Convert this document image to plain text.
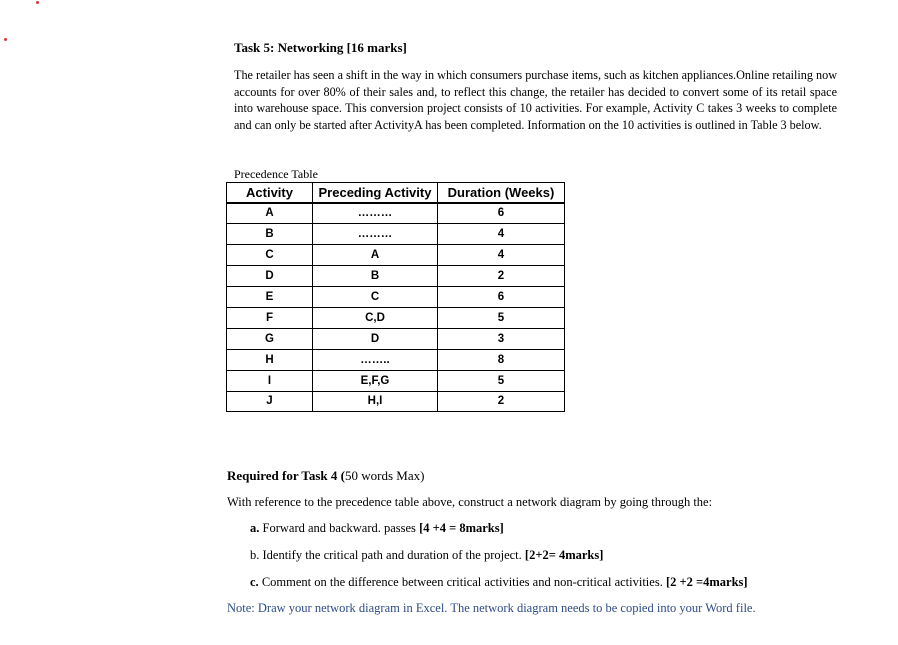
Task 5: Networking [16 marks]
The retailer has seen a shift in the way in which consumers purchase items, such as kitchen appliances.Online retailing now accounts for over 80% of their sales and, to reflect this change, the retailer has decided to convert some of its retail space into warehouse space. This conversion project consists of 10 activities. For example, Activity C takes 3 weeks to complete and can only be started after ActivityA has been completed. Information on the 10 activities is outlined in Table 3 below.
Precedence Table
Activity	Preceding Activity	Duration (Weeks)
A	………	6
B	………	4
C	A	4
D	B	2
E	C	6
F	C,D	5
G	D	3
H	……..	8
I	E,F,G	5
J	H,I	2
Required for Task 4 (50 words Max)
With reference to the precedence table above, construct a network diagram by going through the:
a. Forward and backward. passes [4 +4 = 8marks]
b. Identify the critical path and duration of the project. [2+2= 4marks]
c. Comment on the difference between critical activities and non-critical activities. [2 +2 =4marks]
Note: Draw your network diagram in Excel. The network diagram needs to be copied into your Word file.
